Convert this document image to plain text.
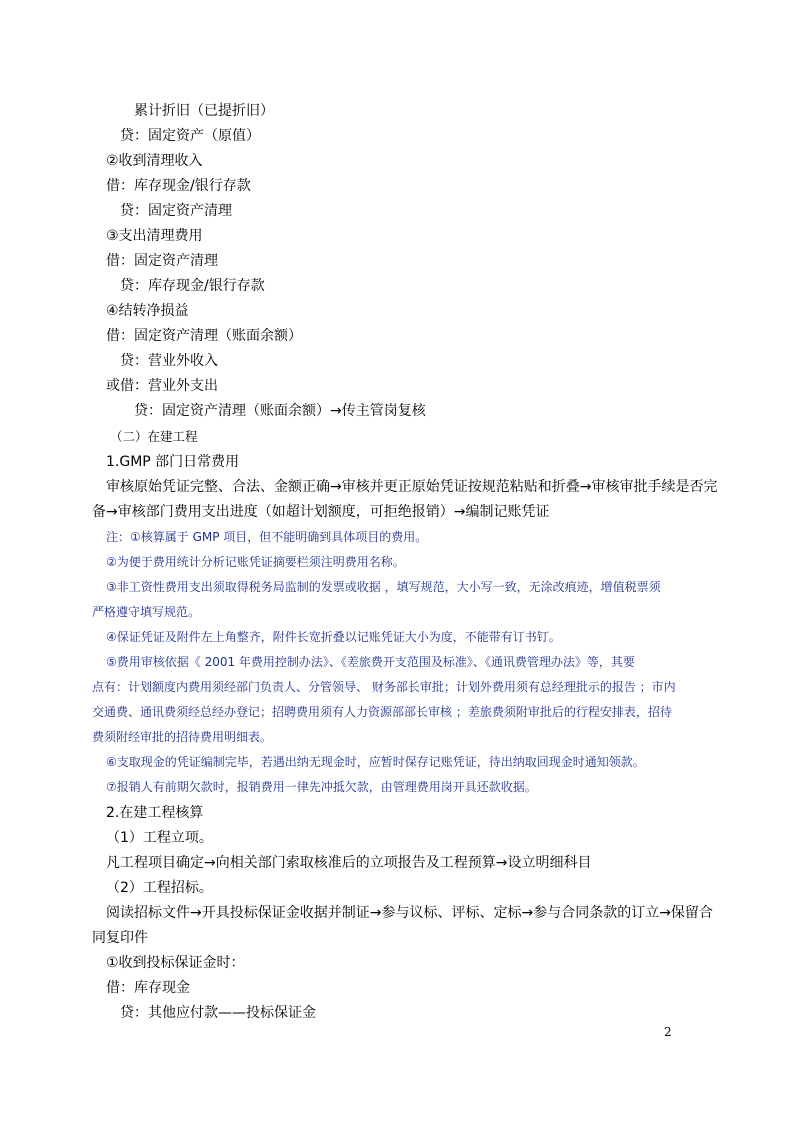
累计折旧（已提折旧）
贷：固定资产（原值）
②收到清理收入
借：库存现金/银行存款
贷：固定资产清理
③支出清理费用
借：固定资产清理
贷：库存现金/银行存款
④结转净损益
借：固定资产清理（账面余额）
贷：营业外收入
或借：营业外支出
贷：固定资产清理（账面余额）→传主管岗复核
（二）在建工程
1.GMP 部门日常费用
审核原始凭证完整、合法、金额正确→审核并更正原始凭证按规范粘贴和折叠→审核审批手续是否完
备→审核部门费用支出进度（如超计划额度，可拒绝报销）→编制记账凭证
注：①核算属于 GMP 项目，但不能明确到具体项目的费用。
②为便于费用统计分析记账凭证摘要栏须注明费用名称。
③非工资性费用支出须取得税务局监制的发票或收据 ，填写规范，大小写一致，无涂改痕迹，增值税票须
严格遵守填写规范。
④保证凭证及附件左上角整齐，附件长宽折叠以记账凭证大小为度，不能带有订书钉。
⑤费用审核依据《 2001 年费用控制办法》、《差旅费开支范围及标准》、《通讯费管理办法》等，其要
点有：计划额度内费用须经部门负责人、分管领导、 财务部长审批；计划外费用须有总经理批示的报告 ；市内
交通费、通讯费须经总经办登记；招聘费用须有人力资源部部长审核 ；差旅费须附审批后的行程安排表，招待
费须附经审批的招待费用明细表。
⑥支取现金的凭证编制完毕，若遇出纳无现金时，应暂时保存记账凭证，待出纳取回现金时通知领款。
⑦报销人有前期欠款时，报销费用一律先冲抵欠款，由管理费用岗开具还款收据。
2.在建工程核算
（1）工程立项。
凡工程项目确定→向相关部门索取核准后的立项报告及工程预算→设立明细科目
（2）工程招标。
阅读招标文件→开具投标保证金收据并制证→参与议标、评标、定标→参与合同条款的订立→保留合
同复印件
①收到投标保证金时：
借：库存现金
贷：其他应付款——投标保证金
2
